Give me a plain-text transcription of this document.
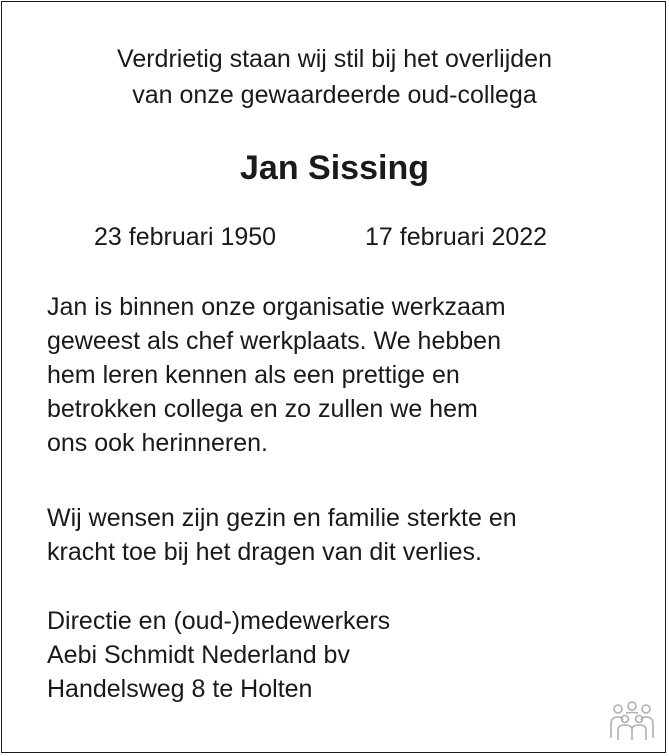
Verdrietig staan wij stil bij het overlijden
van onze gewaardeerde oud-collega
Jan Sissing
23 februari 1950	17 februari 2022

Jan is binnen onze organisatie werkzaam

geweest als chef werkplaats. We hebben

hem leren kennen als een prettige en

betrokken collega en zo zullen we hem

ons ook herinneren.

Wij wensen zijn gezin en familie sterkte en

kracht toe bij het dragen van dit verlies.

Directie en (oud-)medewerkers

Aebi Schmidt Nederland bv

Handelsweg 8 te Holten
